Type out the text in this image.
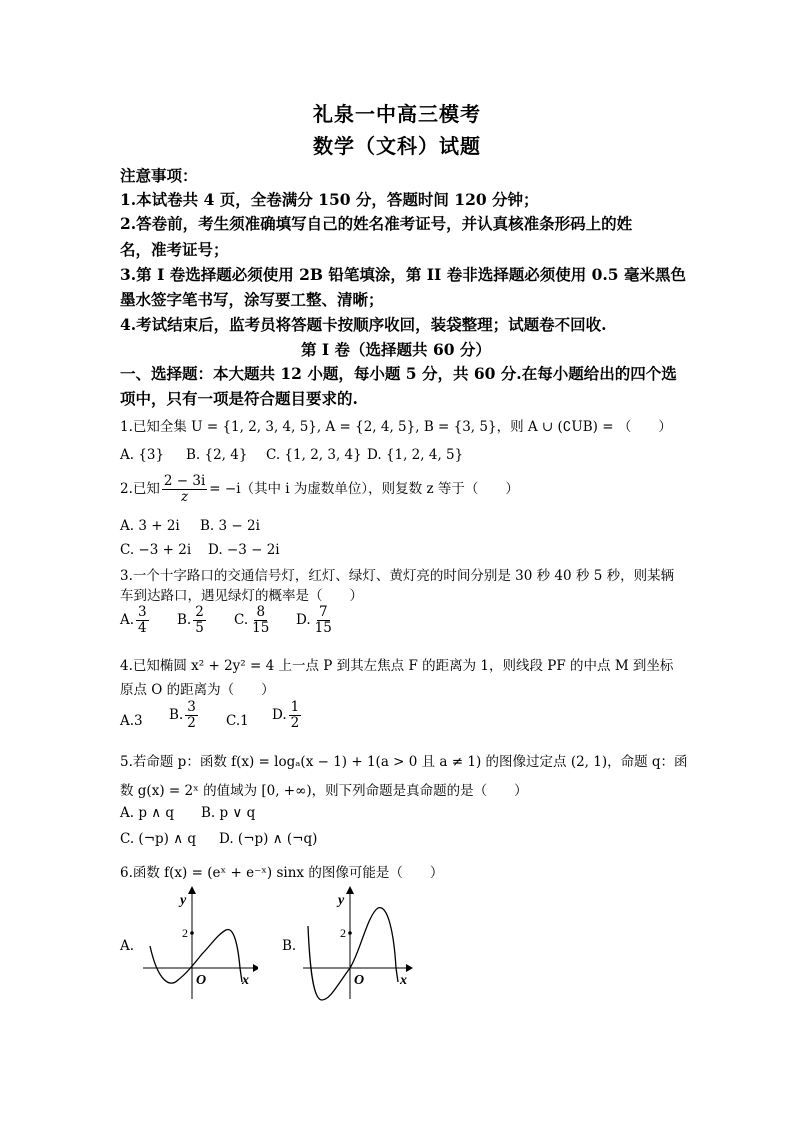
礼泉一中高三模考
数学（文科）试题
注意事项：
1.本试卷共 4 页，全卷满分 150 分，答题时间 120 分钟；
2.答卷前，考生须准确填写自己的姓名准考证号，并认真核准条形码上的姓
名，准考证号；
3.第 I 卷选择题必须使用 2B 铅笔填涂，第 II 卷非选择题必须使用 0.5 毫米黑色
墨水签字笔书写，涂写要工整、清晰；
4.考试结束后，监考员将答题卡按顺序收回，装袋整理；试题卷不回收.
第 I 卷（选择题共 60 分）
一、选择题：本大题共 12 小题，每小题 5 分，共 60 分.在每小题给出的四个选
项中，只有一项是符合题目要求的.
1.已知全集 U = {1, 2, 3, 4, 5}, A = {2, 4, 5}, B = {3, 5}，则 A ∪ (∁UB) = （　　）
A. {3} B. {2, 4} C. {1, 2, 3, 4} D. {1, 2, 4, 5}
2.已知 $\frac{2 - 3i}{z} = -i$（其中 i 为虚数单位），则复数 z 等于（　　）
A. 3 + 2i B. 3 − 2i
C. −3 + 2i D. −3 − 2i
3.一个十字路口的交通信号灯，红灯、绿灯、黄灯亮的时间分别是 30 秒 40 秒 5 秒，则某辆
车到达路口，遇见绿灯的概率是（　　）
A. $\frac{3}{4} B$. $\frac{2}{5} C$. $\frac{8}{15} D$. $\frac{7}{15}$
4.已知椭圆 x² + 2y² = 4 上一点 P 到其左焦点 F 的距离为 1，则线段 PF 的中点 M 到坐标
原点 O 的距离为（　　）
A.3 B. $\frac{3}{2} C.1$ D. $\frac{1}{2}$
5.若命题 p：函数 f(x) = logₐ(x − 1) + 1(a > 0 且 a ≠ 1) 的图像过定点 (2, 1)，命题 q：函
数 g(x) = 2ˣ 的值域为 [0, +∞)，则下列命题是真命题的是（　　）
A. p ∧ q B. p ∨ q
C. (¬p) ∧ q D. (¬p) ∧ (¬q)
6.函数 f(x) = (eˣ + e⁻ˣ) sinx 的图像可能是（　　）
A.
y
2
O	x
B.
y
2
O	x
